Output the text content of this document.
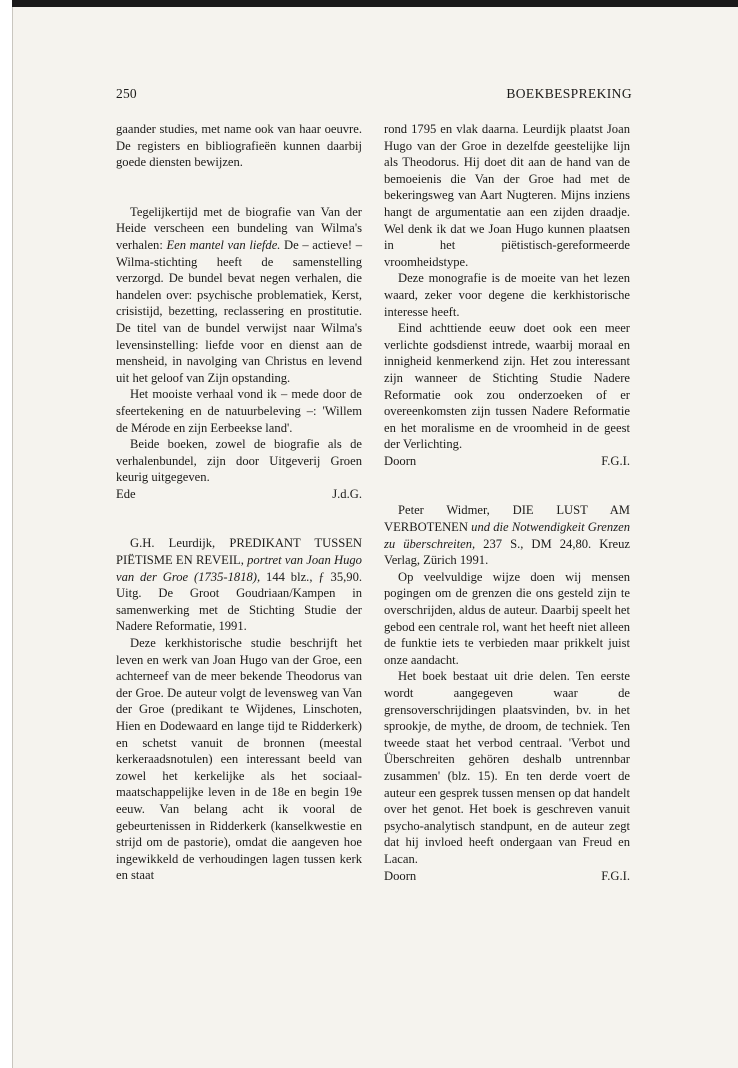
250	BOEKBESPREKING

gaander studies, met name ook van haar oeuvre. De registers en bibliografieën kunnen daarbij goede diensten bewijzen.

Tegelijkertijd met de biografie van Van der Heide verscheen een bundeling van Wilma's verhalen: Een mantel van liefde. De – actieve! – Wilma-stichting heeft de samenstelling verzorgd. De bundel bevat negen verhalen, die handelen over: psychische problematiek, Kerst, crisistijd, bezetting, reclassering en prostitutie. De titel van de bundel verwijst naar Wilma's levensinstelling: liefde voor en dienst aan de mensheid, in navolging van Christus en levend uit het geloof van Zijn opstanding.

Het mooiste verhaal vond ik – mede door de sfeertekening en de natuurbeleving –: 'Willem de Mérode en zijn Eerbeekse land'.

Beide boeken, zowel de biografie als de verhalenbundel, zijn door Uitgeverij Groen keurig uitgegeven.

Ede	J.d.G.

G.H. Leurdijk, PREDIKANT TUSSEN PIËTISME EN REVEIL, portret van Joan Hugo van der Groe (1735-1818), 144 blz., ƒ 35,90. Uitg. De Groot Goudriaan/Kampen in samenwerking met de Stichting Studie der Nadere Reformatie, 1991.

Deze kerkhistorische studie beschrijft het leven en werk van Joan Hugo van der Groe, een achterneef van de meer bekende Theodorus van der Groe. De auteur volgt de levensweg van Van der Groe (predikant te Wijdenes, Linschoten, Hien en Dodewaard en lange tijd te Ridderkerk) en schetst vanuit de bronnen (meestal kerkeraadsnotulen) een interessant beeld van zowel het kerkelijke als het sociaal-maatschappelijke leven in de 18e en begin 19e eeuw. Van belang acht ik vooral de gebeurtenissen in Ridderkerk (kanselkwestie en strijd om de pastorie), omdat die aangeven hoe ingewikkeld de verhoudingen lagen tussen kerk en staat

rond 1795 en vlak daarna. Leurdijk plaatst Joan Hugo van der Groe in dezelfde geestelijke lijn als Theodorus. Hij doet dit aan de hand van de bemoeienis die Van der Groe had met de bekeringsweg van Aart Nugteren. Mijns inziens hangt de argumentatie aan een zijden draadje. Wel denk ik dat we Joan Hugo kunnen plaatsen in het piëtistisch-gereformeerde vroomheidstype.

Deze monografie is de moeite van het lezen waard, zeker voor degene die kerkhistorische interesse heeft.

Eind achttiende eeuw doet ook een meer verlichte godsdienst intrede, waarbij moraal en innigheid kenmerkend zijn. Het zou interessant zijn wanneer de Stichting Studie Nadere Reformatie ook zou onderzoeken of er overeenkomsten zijn tussen Nadere Reformatie en het moralisme en de vroomheid in de geest der Verlichting.

Doorn	F.G.I.

Peter Widmer, DIE LUST AM VERBOTENEN und die Notwendigkeit Grenzen zu überschreiten, 237 S., DM 24,80. Kreuz Verlag, Zürich 1991.

Op veelvuldige wijze doen wij mensen pogingen om de grenzen die ons gesteld zijn te overschrijden, aldus de auteur. Daarbij speelt het gebod een centrale rol, want het heeft niet alleen de funktie iets te verbieden maar prikkelt juist onze aandacht.

Het boek bestaat uit drie delen. Ten eerste wordt aangegeven waar de grensoverschrijdingen plaatsvinden, bv. in het sprookje, de mythe, de droom, de techniek. Ten tweede staat het verbod centraal. 'Verbot und Überschreiten gehören deshalb untrennbar zusammen' (blz. 15). En ten derde voert de auteur een gesprek tussen mensen op dat handelt over het genot. Het boek is geschreven vanuit psycho-analytisch standpunt, en de auteur zegt dat hij invloed heeft ondergaan van Freud en Lacan.

Doorn	F.G.I.
